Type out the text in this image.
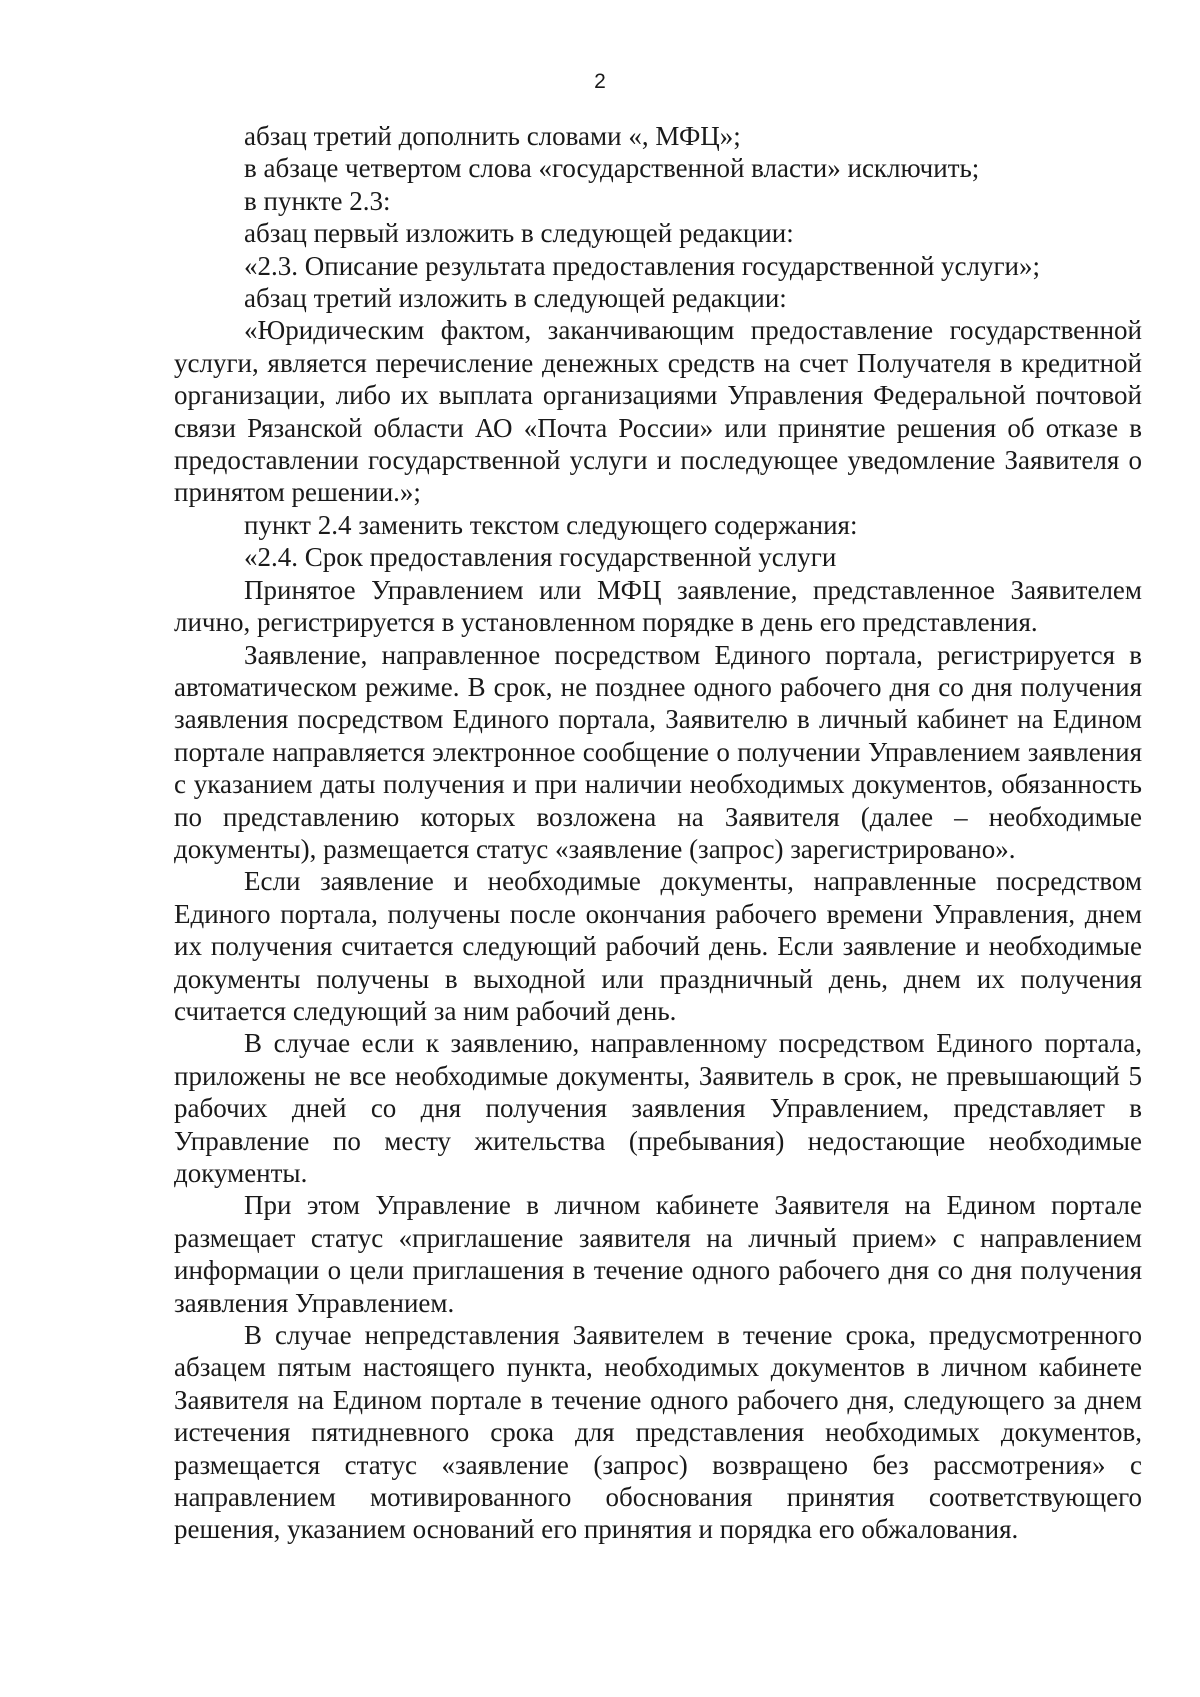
2

абзац третий дополнить словами «, МФЦ»;

в абзаце четвертом слова «государственной власти» исключить;

в пункте 2.3:

абзац первый изложить в следующей редакции:

«2.3. Описание результата предоставления государственной услуги»;

абзац третий изложить в следующей редакции:

«Юридическим фактом, заканчивающим предоставление государственной услуги, является перечисление денежных средств на счет Получателя в кредитной организации, либо их выплата организациями Управления Федеральной почтовой связи Рязанской области АО «Почта России» или принятие решения об отказе в предоставлении государственной услуги и последующее уведомление Заявителя о принятом решении.»;

пункт 2.4 заменить текстом следующего содержания:

«2.4. Срок предоставления государственной услуги

Принятое Управлением или МФЦ заявление, представленное Заявителем лично, регистрируется в установленном порядке в день его представления.

Заявление, направленное посредством Единого портала, регистрируется в автоматическом режиме. В срок, не позднее одного рабочего дня со дня получения заявления посредством Единого портала, Заявителю в личный кабинет на Едином портале направляется электронное сообщение о получении Управлением заявления с указанием даты получения и при наличии необходимых документов, обязанность по представлению которых возложена на Заявителя (далее – необходимые документы), размещается статус «заявление (запрос) зарегистрировано».

Если заявление и необходимые документы, направленные посредством Единого портала, получены после окончания рабочего времени Управления, днем их получения считается следующий рабочий день. Если заявление и необходимые документы получены в выходной или праздничный день, днем их получения считается следующий за ним рабочий день.

В случае если к заявлению, направленному посредством Единого портала, приложены не все необходимые документы, Заявитель в срок, не превышающий 5 рабочих дней со дня получения заявления Управлением, представляет в Управление по месту жительства (пребывания) недостающие необходимые документы.

При этом Управление в личном кабинете Заявителя на Едином портале размещает статус «приглашение заявителя на личный прием» с направлением информации о цели приглашения в течение одного рабочего дня со дня получения заявления Управлением.

В случае непредставления Заявителем в течение срока, предусмотренного абзацем пятым настоящего пункта, необходимых документов в личном кабинете Заявителя на Едином портале в течение одного рабочего дня, следующего за днем истечения пятидневного срока для представления необходимых документов, размещается статус «заявление (запрос) возвращено без рассмотрения» с направлением мотивированного обоснования принятия соответствующего решения, указанием оснований его принятия и порядка его обжалования.
